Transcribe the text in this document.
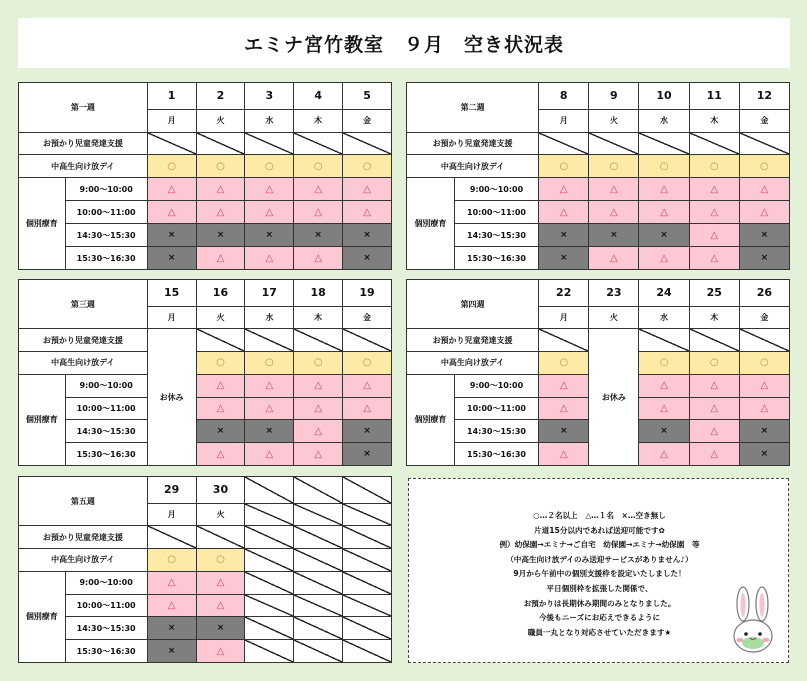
エミナ宮竹教室　９月　空き状況表
第一週		1	2	3	4	5
		月	火	水	木	金
お預かり児童発達支援						
中高生向け放デイ		○	○	○	○	○
個別療育	9:00〜10:00	△	△	△	△	△
	10:00〜11:00	△	△	△	△	△
	14:30〜15:30	×	×	×	×	×
	15:30〜16:30	×	△	△	△	×
第二週		8	9	10	11	12
		月	火	水	木	金
お預かり児童発達支援						
中高生向け放デイ		○	○	○	○	○
個別療育	9:00〜10:00	△	△	△	△	△
	10:00〜11:00	△	△	△	△	△
	14:30〜15:30	×	×	×	△	×
	15:30〜16:30	×	△	△	△	×
第三週		15	16	17	18	19
		月	火	水	木	金
お預かり児童発達支援		お休み				
中高生向け放デイ			○	○	○	○
個別療育	9:00〜10:00		△	△	△	△
	10:00〜11:00		△	△	△	△
	14:30〜15:30		×	×	△	×
	15:30〜16:30		△	△	△	×
第四週		22	23	24	25	26
		月	火	水	木	金
お預かり児童発達支援			お休み			
中高生向け放デイ		○		○	○	○
個別療育	9:00〜10:00	△		△	△	△
	10:00〜11:00	△		△	△	△
	14:30〜15:30	×		×	△	×
	15:30〜16:30	△		△	△	×
第五週		29	30			
		月	火			
お預かり児童発達支援						
中高生向け放デイ		○	○			
個別療育	9:00〜10:00	△	△			
	10:00〜11:00	△	△			
	14:30〜15:30	×	×			
	15:30〜16:30	×	△			
○…２名以上　△…１名　×…空き無し
片道15分以内であれば送迎可能です✿
例）幼保園→エミナ→ご自宅　幼保園→エミナ→幼保園　等
（中高生向け放デイのみ送迎サービスがありません♪）
9月から午前中の個別支援枠を設定いたしました！
平日個別枠を拡張した関係で、
お預かりは長期休み期間のみとなりました。
今後もニーズにお応えできるように
職員一丸となり対応させていただきます★
